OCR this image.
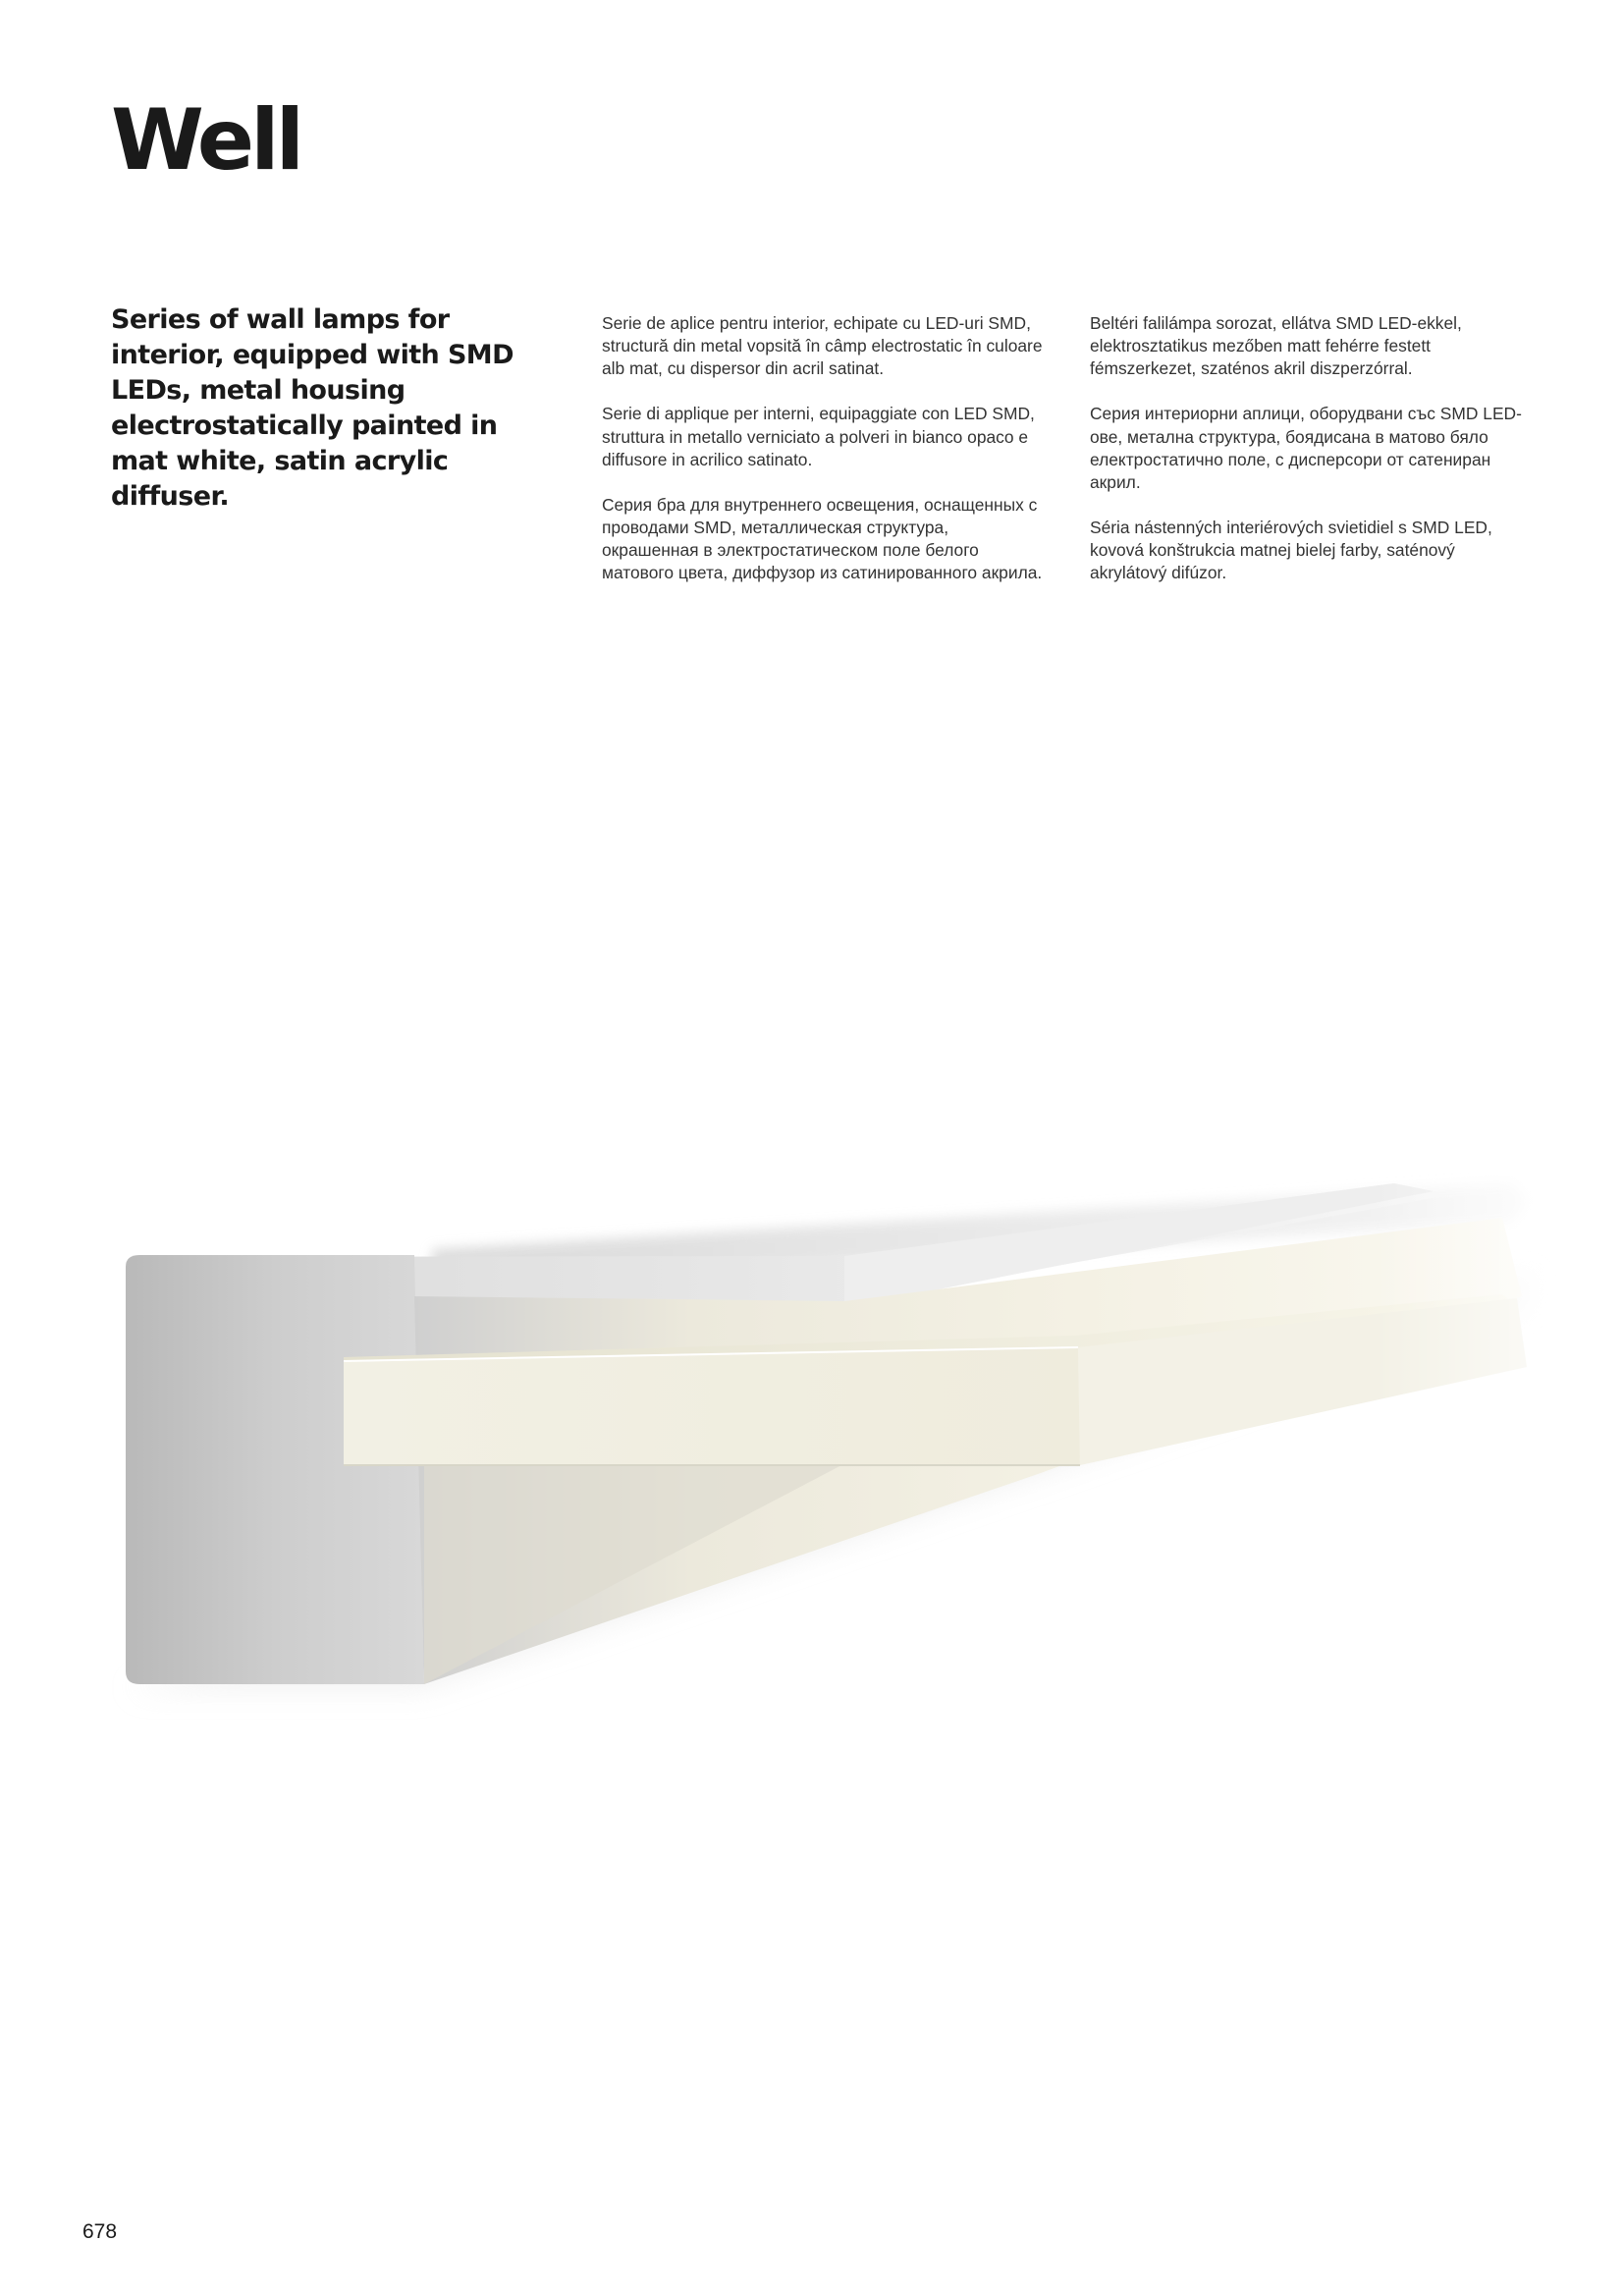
Well

Series of wall lamps for interior, equipped with SMD LEDs, metal housing electrostatically painted in mat white, satin acrylic diffuser.

Serie de aplice pentru interior, echipate cu LED-uri SMD, structură din metal vopsită în câmp electrostatic în culoare alb mat, cu dispersor din acril satinat.

Serie di applique per interni, equipaggiate con LED SMD, struttura in metallo verniciato a polveri in bianco opaco e diffusore in acrilico satinato.

Серия бра для внутреннего освещения, оснащенных с проводами SMD, металлическая структура, окрашенная в электростатическом поле белого матового цвета, диффузор из сатинированного акрила.

Beltéri falilámpa sorozat, ellátva SMD LED-ekkel, elektrosztatikus mezőben matt fehérre festett fémszerkezet, szaténos akril diszperzórral.

Серия интериорни аплици, оборудвани със SMD LED-ове, метална структура, боядисана в матово бяло електростатично поле, с дисперсори от сатениран акрил.

Séria nástenných interiérových svietidiel s SMD LED, kovová konštrukcia matnej bielej farby, saténový akrylátový difúzor.

678
